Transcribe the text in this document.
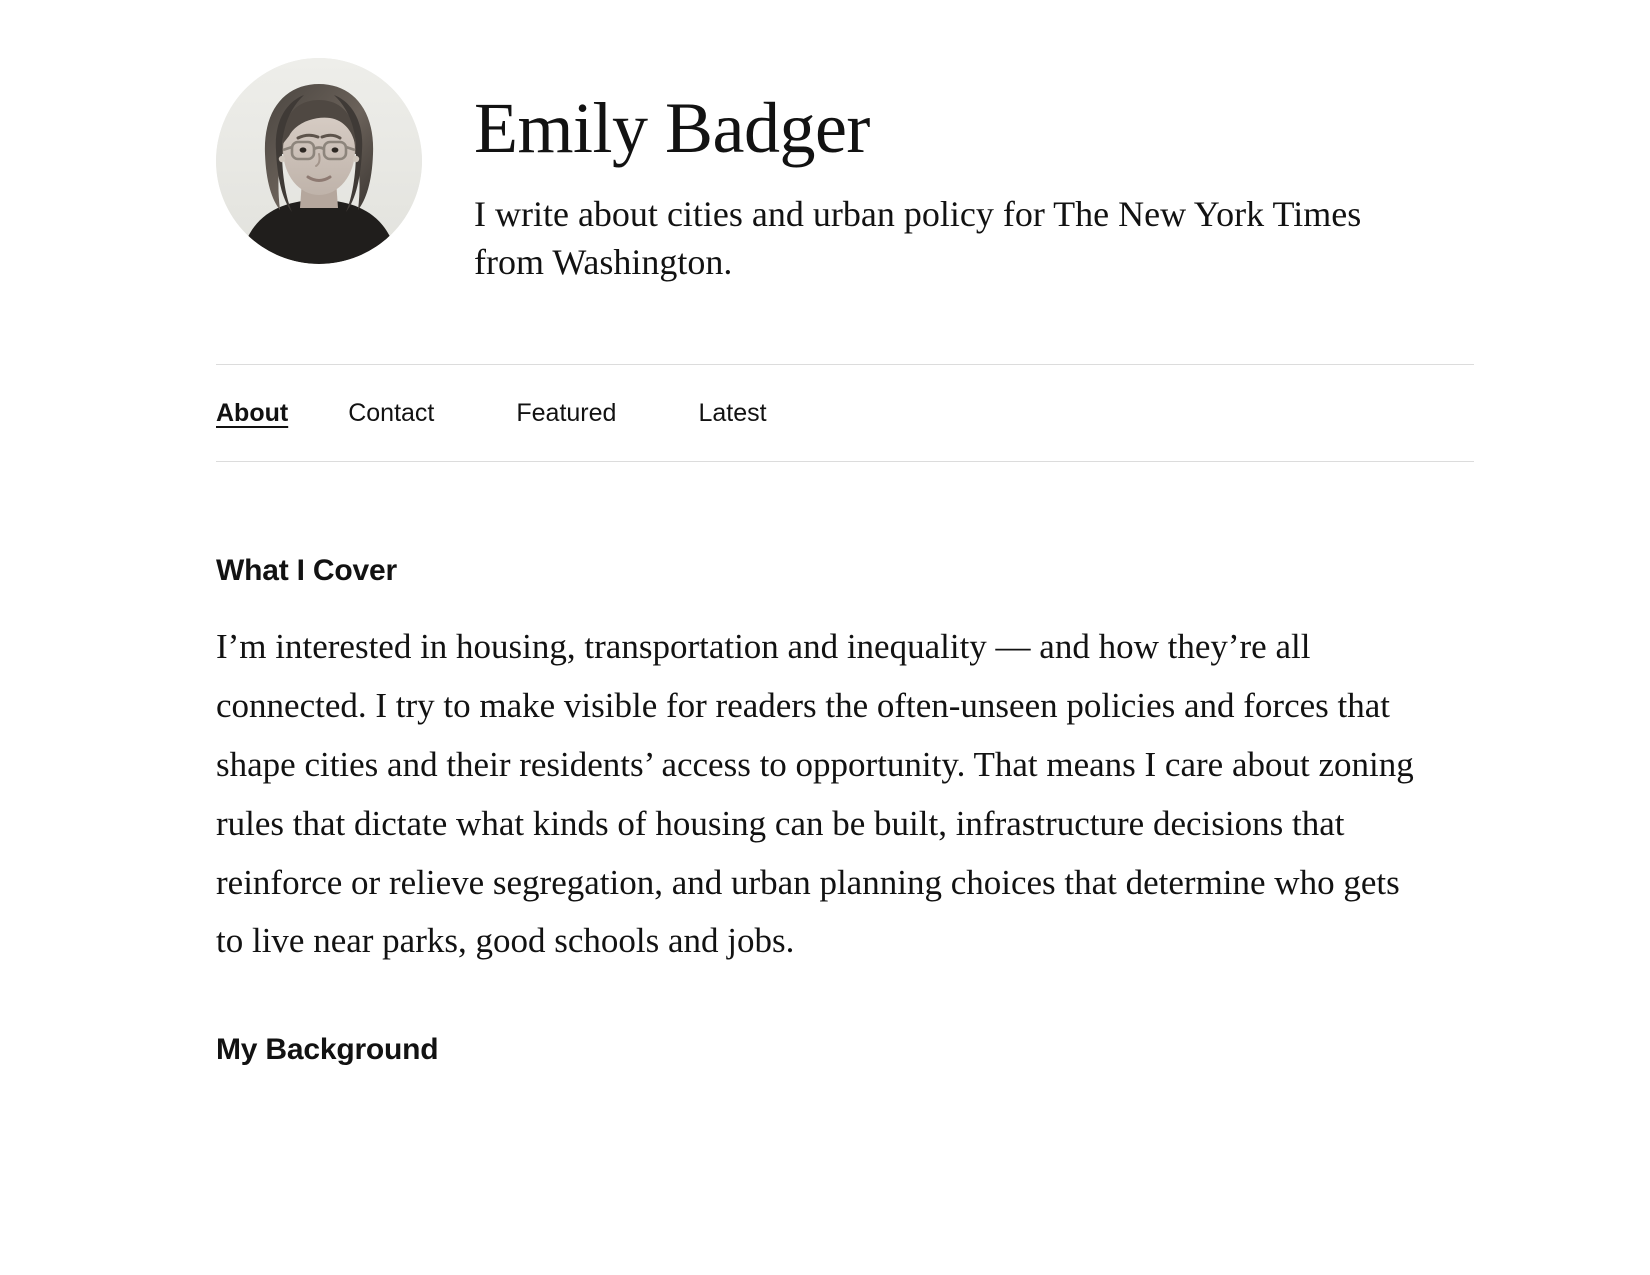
Emily Badger

I write about cities and urban policy for The New York Times from Washington.

About Contact	Featured	Latest
What I Cover

I’m interested in housing, transportation and inequality — and how they’re all connected. I try to make visible for readers the often-unseen policies and forces that shape cities and their residents’ access to opportunity. That means I care about zoning rules that dictate what kinds of housing can be built, infrastructure decisions that reinforce or relieve segregation, and urban planning choices that determine who gets to live near parks, good schools and jobs.

My Background
